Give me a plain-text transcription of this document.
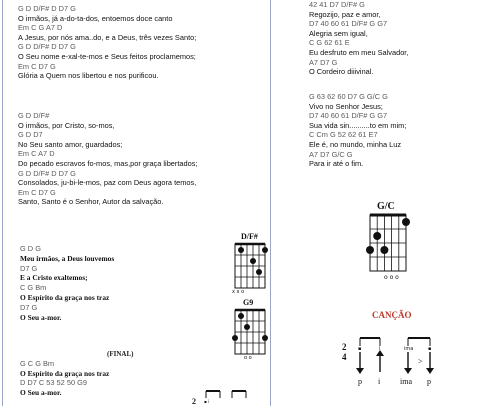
G D D/F# D D7 G
O irmãos, já a-do-ta-dos, entoemos doce canto
Em C G A7 D
A Jesus, por nós ama..do, e a Deus, três vezes Santo;
G D D/F# D D7 G
O Seu nome e-xal-te-mos e Seus feitos proclamemos;
Em C D7 G
Glória a Quem nos libertou e nos purificou.
G D D/F#
O irmãos, por Cristo, so-mos,
G D D7
No Seu santo amor, guardados;
Em C A7 D
Do pecado escravos fo-mos, mas,por graça libertados;
G D D/F# D D7 G
Consolados, ju-bi-le-mos, paz com Deus agora temos,
Em C D7 G
Santo, Santo é o Senhor, Autor da salvação.
G D G
Meu irmãos, a Deus louvemos
D7 G
E a Cristo exaltemos;
C G Bm
O Espírito da graça nos traz
D7 G
O Seu a-mor.
(FINAL)
G C G Bm
O Espírito da graça nos traz
D D7 C 53 52 50 G9
O Seu a-mor.
42 41 D7 D/F# G
Regozijo, paz e amor,
D7 40 60 61 D/F# G G7
Alegria sem igual,
C G 62 61 E
Eu desfruto em meu Salvador,
A7 D7 G
O Cordeiro diiivinal.
G 63 62 60 D7 G G/C G
Vivo no Senhor Jesus;
D7 40 60 61 D/F# G G7
Sua vida sin..........to em mim;
C Cm G 52 62 61 E7
Ele é, no mundo, minha Luz
A7 D7 G/C G
Para ir até o fim.
D/F#
x x o
G9
o o
G/C
o o o
CANÇÃO
2
4
▪	i	ima	▪
p i ima p
>
2 ▪ i
